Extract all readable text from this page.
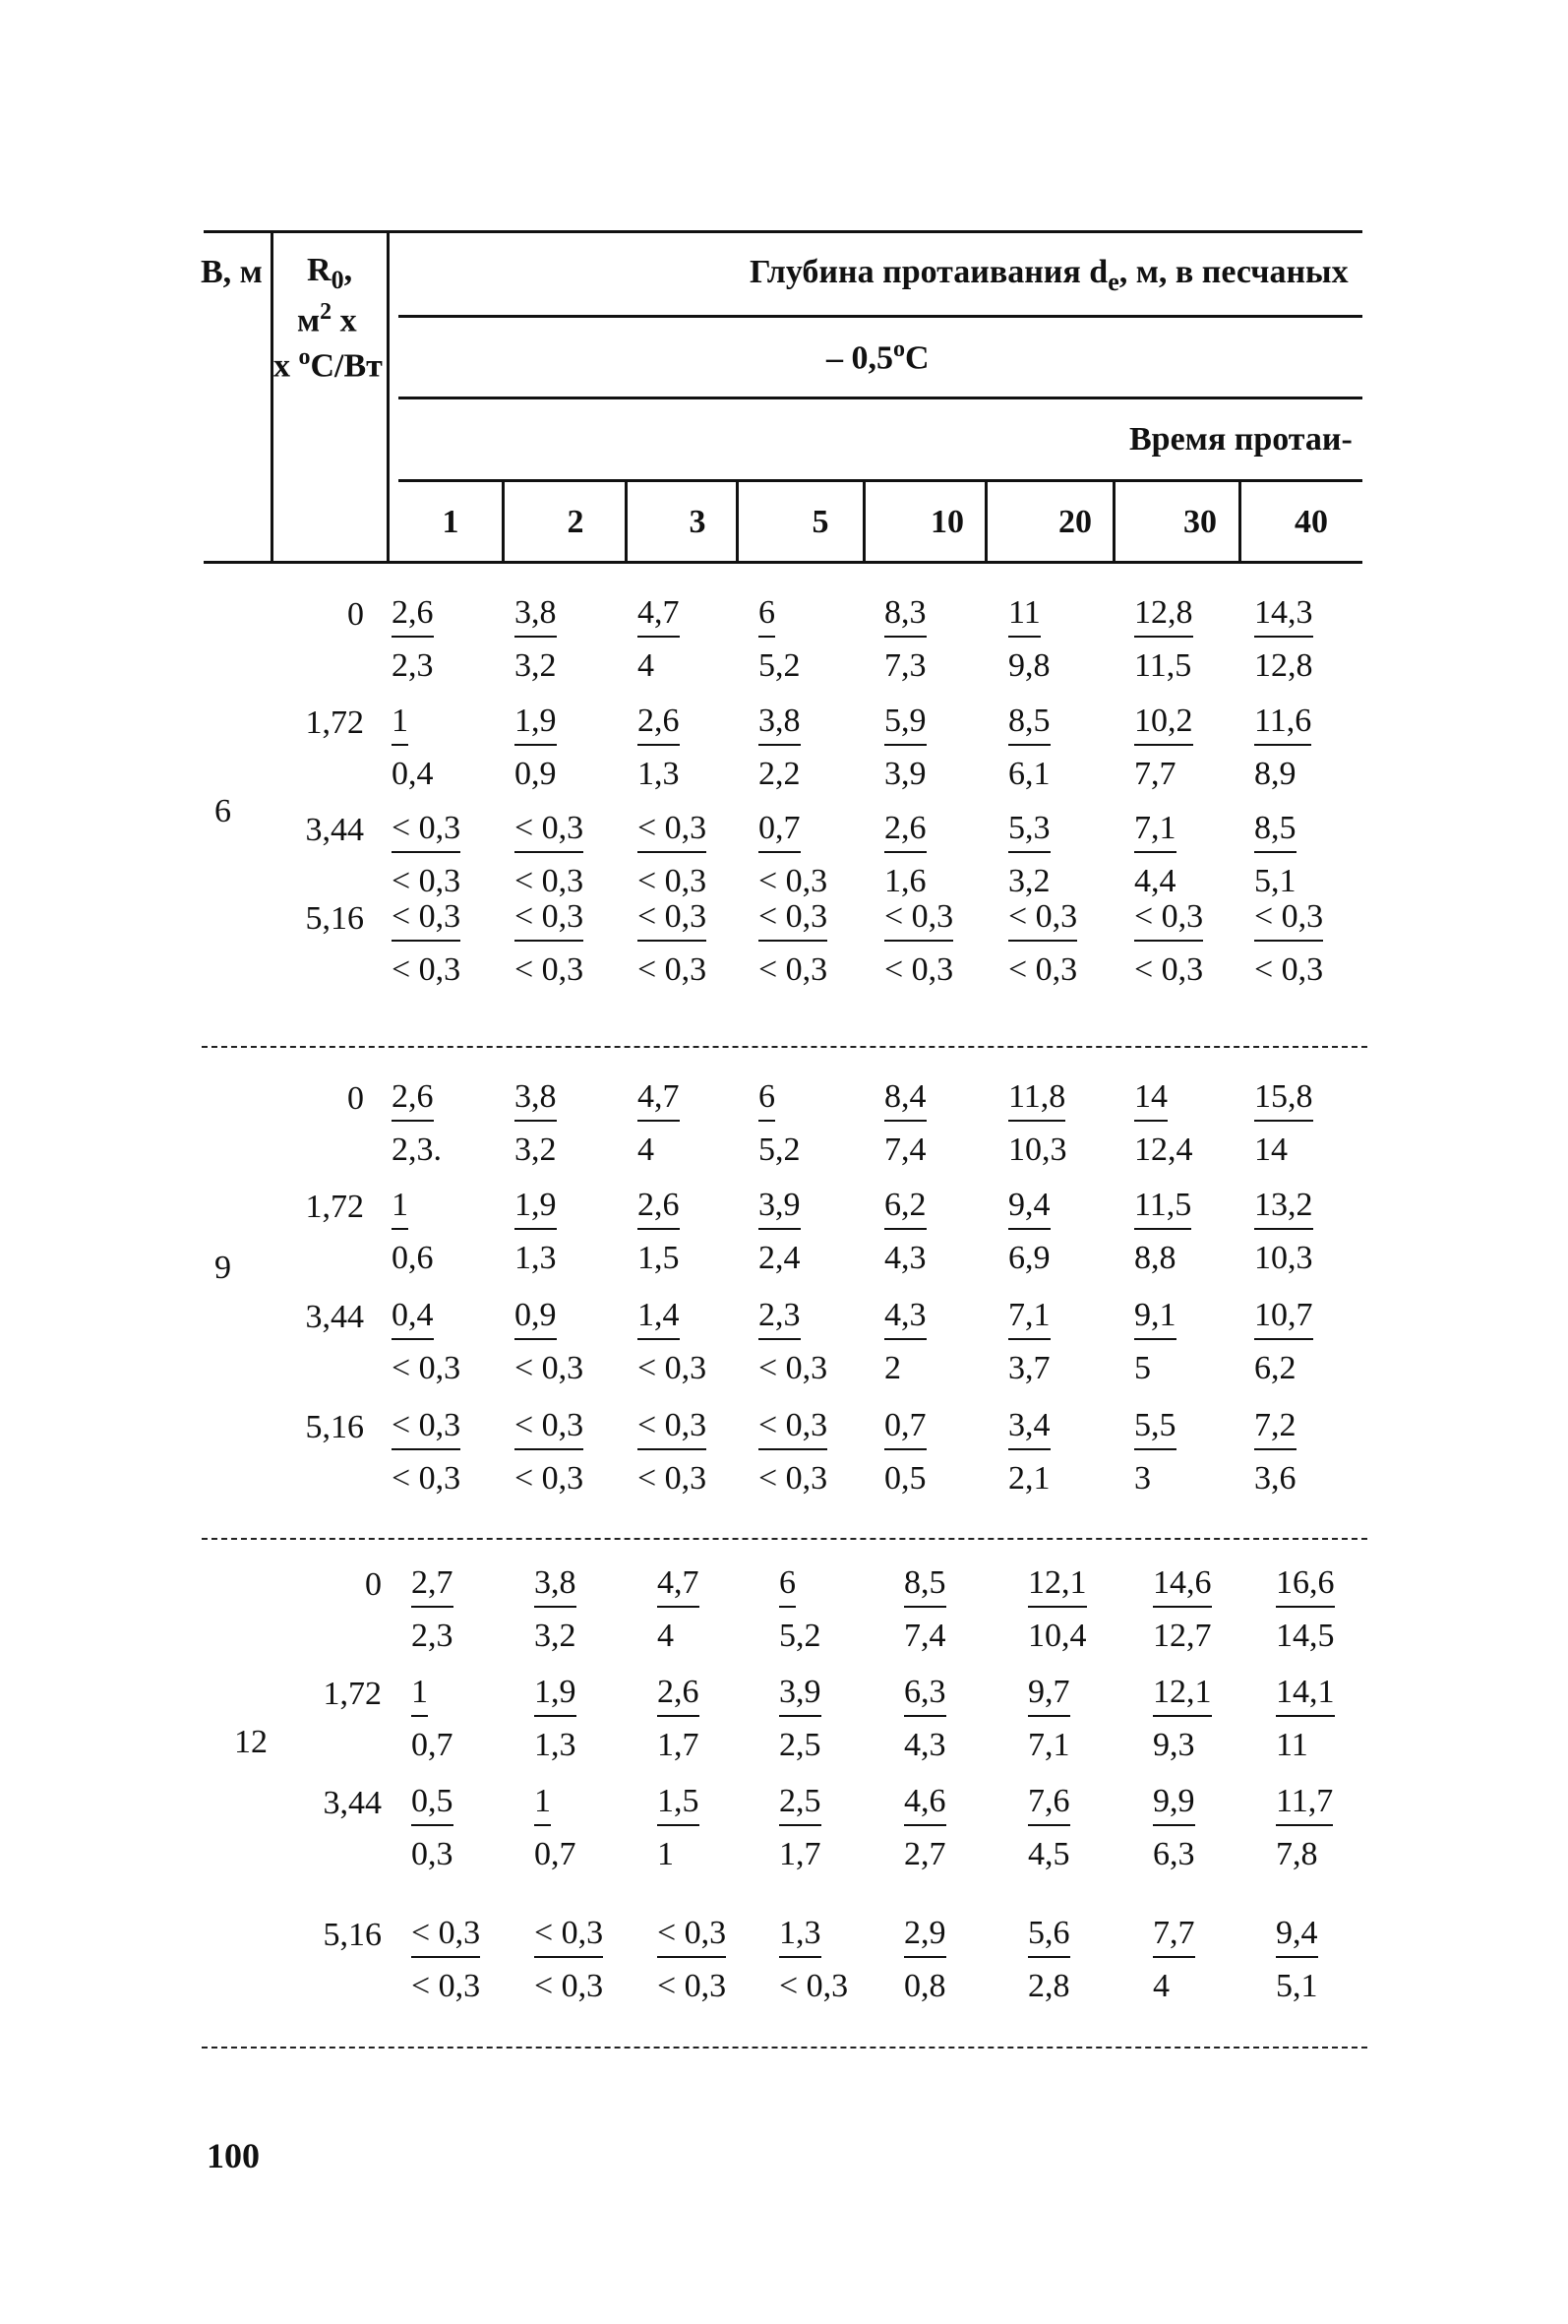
B, м $R_0$,
$м^2$ х
х $^о$С/Вт
Глубина протаивания $d_е$, м, в песчаных
– $0,5^оС$
Время протаи-
1	2	3	5	10	20	30	40
6
$0 \frac{2,6}{2,3} \frac{3,8}{3,2} \frac{4,7}{4} \frac{6}{5,2}$	$\frac{8,3}{7,3} \frac{11}{9,8}$	$\frac{12,8}{11,5} \frac{14,3}{12,8}$
$1,72 \frac{1}{0,4} \frac{1,9}{0,9} \frac{2,6}{1,3} \frac{3,8}{2,2}$	$\frac{5,9}{3,9} \frac{8,5}{6,1}$	$\frac{10,2}{7,7} \frac{11,6}{8,9}$
$3,44 \frac{< 0,3}{< 0,3} \frac{< 0,3}{< 0,3} \frac{< 0,3}{< 0,3} \frac{0,7}{< 0,3} \frac{2,6}{1,6} \frac{5,3}{3,2}$	$\frac{7,1}{4,4} \frac{8,5}{5,1}$
$5,16 \frac{< 0,3}{< 0,3} \frac{< 0,3}{< 0,3} \frac{< 0,3}{< 0,3} \frac{< 0,3}{< 0,3} \frac{< 0,3}{< 0,3} \frac{< 0,3}{< 0,3} \frac{< 0,3}{< 0,3} \frac{< 0,3}{< 0,3}$
9
$0 \frac{2,6}{2,3.} \frac{3,8}{3,2} \frac{4,7}{4} \frac{6}{5,2}$	$\frac{8,4}{7,4} \frac{11,8}{10,3} \frac{14}{12,4} \frac{15,8}{14}$
$1,72 \frac{1}{0,6} \frac{1,9}{1,3} \frac{2,6}{1,5} \frac{3,9}{2,4}$	$\frac{6,2}{4,3} \frac{9,4}{6,9}$	$\frac{11,5}{8,8} \frac{13,2}{10,3}$
$3,44 \frac{0,4}{< 0,3} \frac{0,9}{< 0,3} \frac{1,4}{< 0,3} \frac{2,3}{< 0,3} \frac{4,3}{2} \frac{7,1}{3,7}$	$\frac{9,1}{5} \frac{10,7}{6,2}$
$5,16 \frac{< 0,3}{< 0,3} \frac{< 0,3}{< 0,3} \frac{< 0,3}{< 0,3} \frac{< 0,3}{< 0,3} \frac{0,7}{0,5} \frac{3,4}{2,1}$	$\frac{5,5}{3} \frac{7,2}{3,6}$
12
$0 \frac{2,7}{2,3} \frac{3,8}{3,2} \frac{4,7}{4} \frac{6}{5,2} \frac{8,5}{7,4} \frac{12,1}{10,4} \frac{14,6}{12,7} \frac{16,6}{14,5}$
$1,72 \frac{1}{0,7} \frac{1,9}{1,3} \frac{2,6}{1,7} \frac{3,9}{2,5} \frac{6,3}{4,3} \frac{9,7}{7,1} \frac{12,1}{9,3} \frac{14,1}{11}$
$3,44 \frac{0,5}{0,3} \frac{1}{0,7} \frac{1,5}{1} \frac{2,5}{1,7} \frac{4,6}{2,7} \frac{7,6}{4,5} \frac{9,9}{6,3} \frac{11,7}{7,8}$
$5,16 \frac{< 0,3}{< 0,3} \frac{< 0,3}{< 0,3} \frac{< 0,3}{< 0,3} \frac{1,3}{< 0,3} \frac{2,9}{0,8} \frac{5,6}{2,8} \frac{7,7}{4} \frac{9,4}{5,1}$
100
